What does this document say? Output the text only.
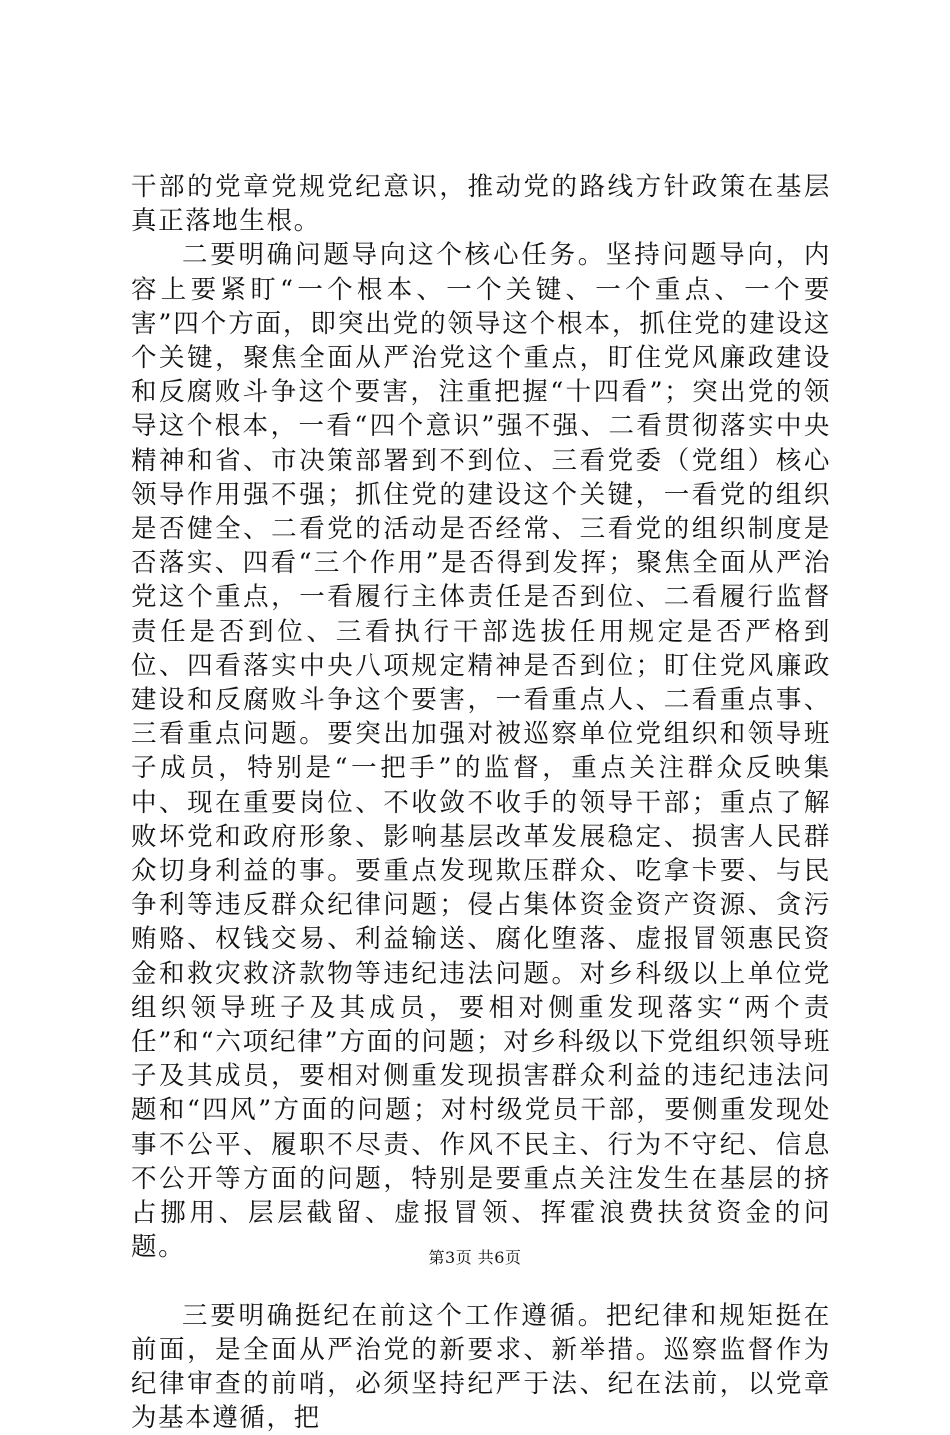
干部的党章党规党纪意识，推动党的路线方针政策在基层真正落地生根。

二要明确问题导向这个核心任务。坚持问题导向，内容上要紧盯“一个根本、一个关键、一个重点、一个要害”四个方面，即突出党的领导这个根本，抓住党的建设这个关键，聚焦全面从严治党这个重点，盯住党风廉政建设和反腐败斗争这个要害，注重把握“十四看”；突出党的领导这个根本，一看“四个意识”强不强、二看贯彻落实中央精神和省、市决策部署到不到位、三看党委（党组）核心领导作用强不强；抓住党的建设这个关键，一看党的组织是否健全、二看党的活动是否经常、三看党的组织制度是否落实、四看“三个作用”是否得到发挥；聚焦全面从严治党这个重点，一看履行主体责任是否到位、二看履行监督责任是否到位、三看执行干部选拔任用规定是否严格到位、四看落实中央八项规定精神是否到位；盯住党风廉政建设和反腐败斗争这个要害，一看重点人、二看重点事、三看重点问题。要突出加强对被巡察单位党组织和领导班子成员，特别是“一把手”的监督，重点关注群众反映集中、现在重要岗位、不收敛不收手的领导干部；重点了解败坏党和政府形象、影响基层改革发展稳定、损害人民群众切身利益的事。要重点发现欺压群众、吃拿卡要、与民争利等违反群众纪律问题；侵占集体资金资产资源、贪污贿赂、权钱交易、利益输送、腐化堕落、虚报冒领惠民资金和救灾救济款物等违纪违法问题。对乡科级以上单位党组织领导班子及其成员，要相对侧重发现落实“两个责任”和“六项纪律”方面的问题；对乡科级以下党组织领导班子及其成员，要相对侧重发现损害群众利益的违纪违法问题和“四风”方面的问题；对村级党员干部，要侧重发现处事不公平、履职不尽责、作风不民主、行为不守纪、信息不公开等方面的问题，特别是要重点关注发生在基层的挤占挪用、层层截留、虚报冒领、挥霍浪费扶贫资金的问题。

三要明确挺纪在前这个工作遵循。把纪律和规矩挺在前面，是全面从严治党的新要求、新举措。巡察监督作为纪律审查的前哨，必须坚持纪严于法、纪在法前，以党章为基本遵循，把

第3页 共6页
